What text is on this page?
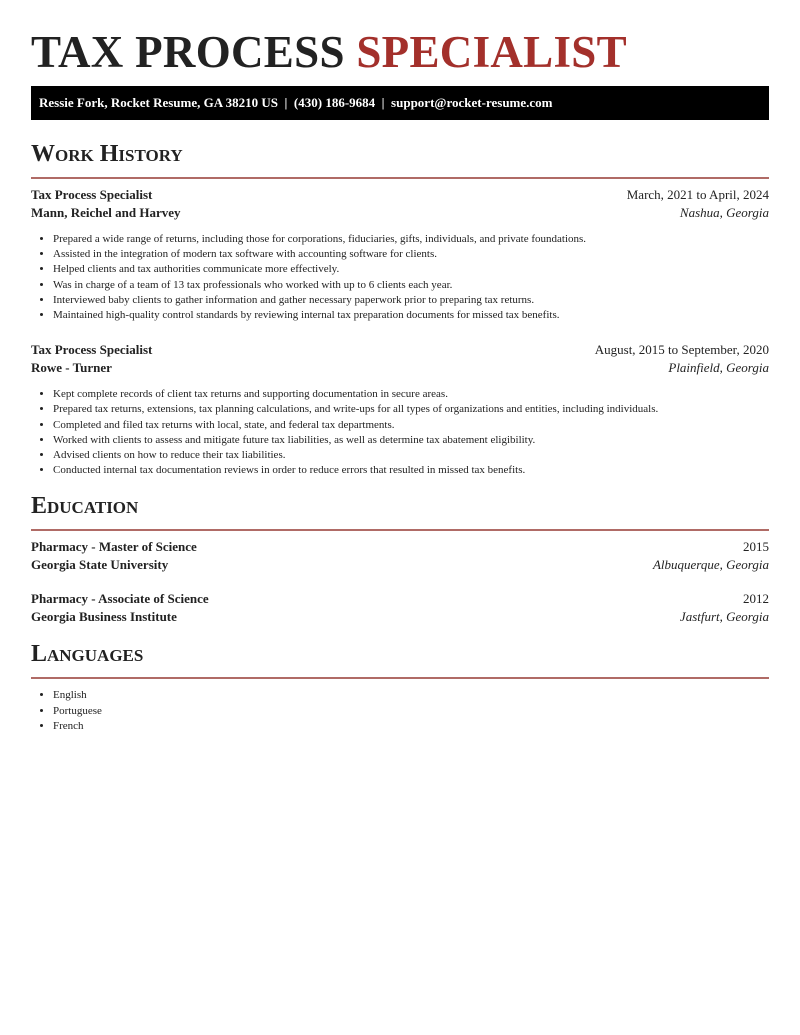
TAX PROCESS SPECIALIST
Ressie Fork, Rocket Resume, GA 38210 US | (430) 186-9684 | support@rocket-resume.com
Work History
Tax Process Specialist	March, 2021 to April, 2024
Mann, Reichel and Harvey	Nashua, Georgia
• Prepared a wide range of returns, including those for corporations, fiduciaries, gifts, individuals, and private foundations.
• Assisted in the integration of modern tax software with accounting software for clients.
• Helped clients and tax authorities communicate more effectively.
• Was in charge of a team of 13 tax professionals who worked with up to 6 clients each year.
• Interviewed baby clients to gather information and gather necessary paperwork prior to preparing tax returns.
• Maintained high-quality control standards by reviewing internal tax preparation documents for missed tax benefits.
Tax Process Specialist	August, 2015 to September, 2020
Rowe - Turner	Plainfield, Georgia
• Kept complete records of client tax returns and supporting documentation in secure areas.
• Prepared tax returns, extensions, tax planning calculations, and write-ups for all types of organizations and entities, including individuals.
• Completed and filed tax returns with local, state, and federal tax departments.
• Worked with clients to assess and mitigate future tax liabilities, as well as determine tax abatement eligibility.
• Advised clients on how to reduce their tax liabilities.
• Conducted internal tax documentation reviews in order to reduce errors that resulted in missed tax benefits.
Education
Pharmacy - Master of Science	2015
Georgia State University	Albuquerque, Georgia
Pharmacy - Associate of Science	2012
Georgia Business Institute	Jastfurt, Georgia
Languages
• English
• Portuguese
• French
